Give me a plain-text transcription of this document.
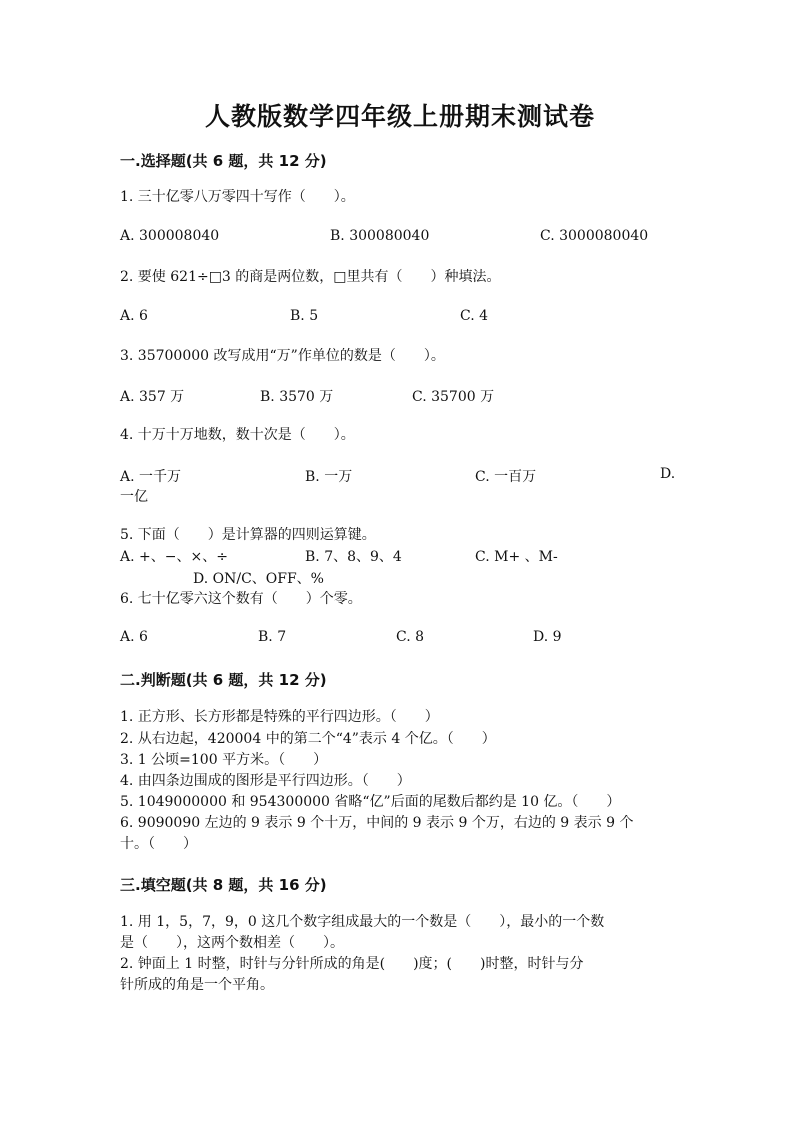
人教版数学四年级上册期末测试卷
一.选择题(共 6 题，共 12 分)
1. 三十亿零八万零四十写作（　　）。
A. 300008040	B. 300080040	C. 3000080040
2. 要使 621÷□3 的商是两位数，□里共有（　　）种填法。
A. 6	B. 5	C. 4
3. 35700000 改写成用“万”作单位的数是（　　）。
A. 357 万	B. 3570 万	C. 35700 万
4. 十万十万地数，数十次是（　　）。
A. 一千万	B. 一万	C. 一百万	D.
一亿
5. 下面（　　）是计算器的四则运算键。
A. +、−、×、÷	B. 7、8、9、4	C. M+ 、M-
D. ON/C、OFF、%
6. 七十亿零六这个数有（　　）个零。
A. 6	B. 7	C. 8	D. 9
二.判断题(共 6 题，共 12 分)
1. 正方形、长方形都是特殊的平行四边形。（　　）
2. 从右边起，420004 中的第二个“4”表示 4 个亿。（　　）
3. 1 公顷=100 平方米。（　　）
4. 由四条边围成的图形是平行四边形。（　　）
5. 1049000000 和 954300000 省略“亿”后面的尾数后都约是 10 亿。（　　）
6. 9090090 左边的 9 表示 9 个十万，中间的 9 表示 9 个万，右边的 9 表示 9 个
十。（　　）
三.填空题(共 8 题，共 16 分)
1. 用 1，5，7，9，0 这几个数字组成最大的一个数是（　　），最小的一个数
是（　　），这两个数相差（　　）。
2. 钟面上 1 时整，时针与分针所成的角是(　　)度；(　　)时整，时针与分
针所成的角是一个平角。
